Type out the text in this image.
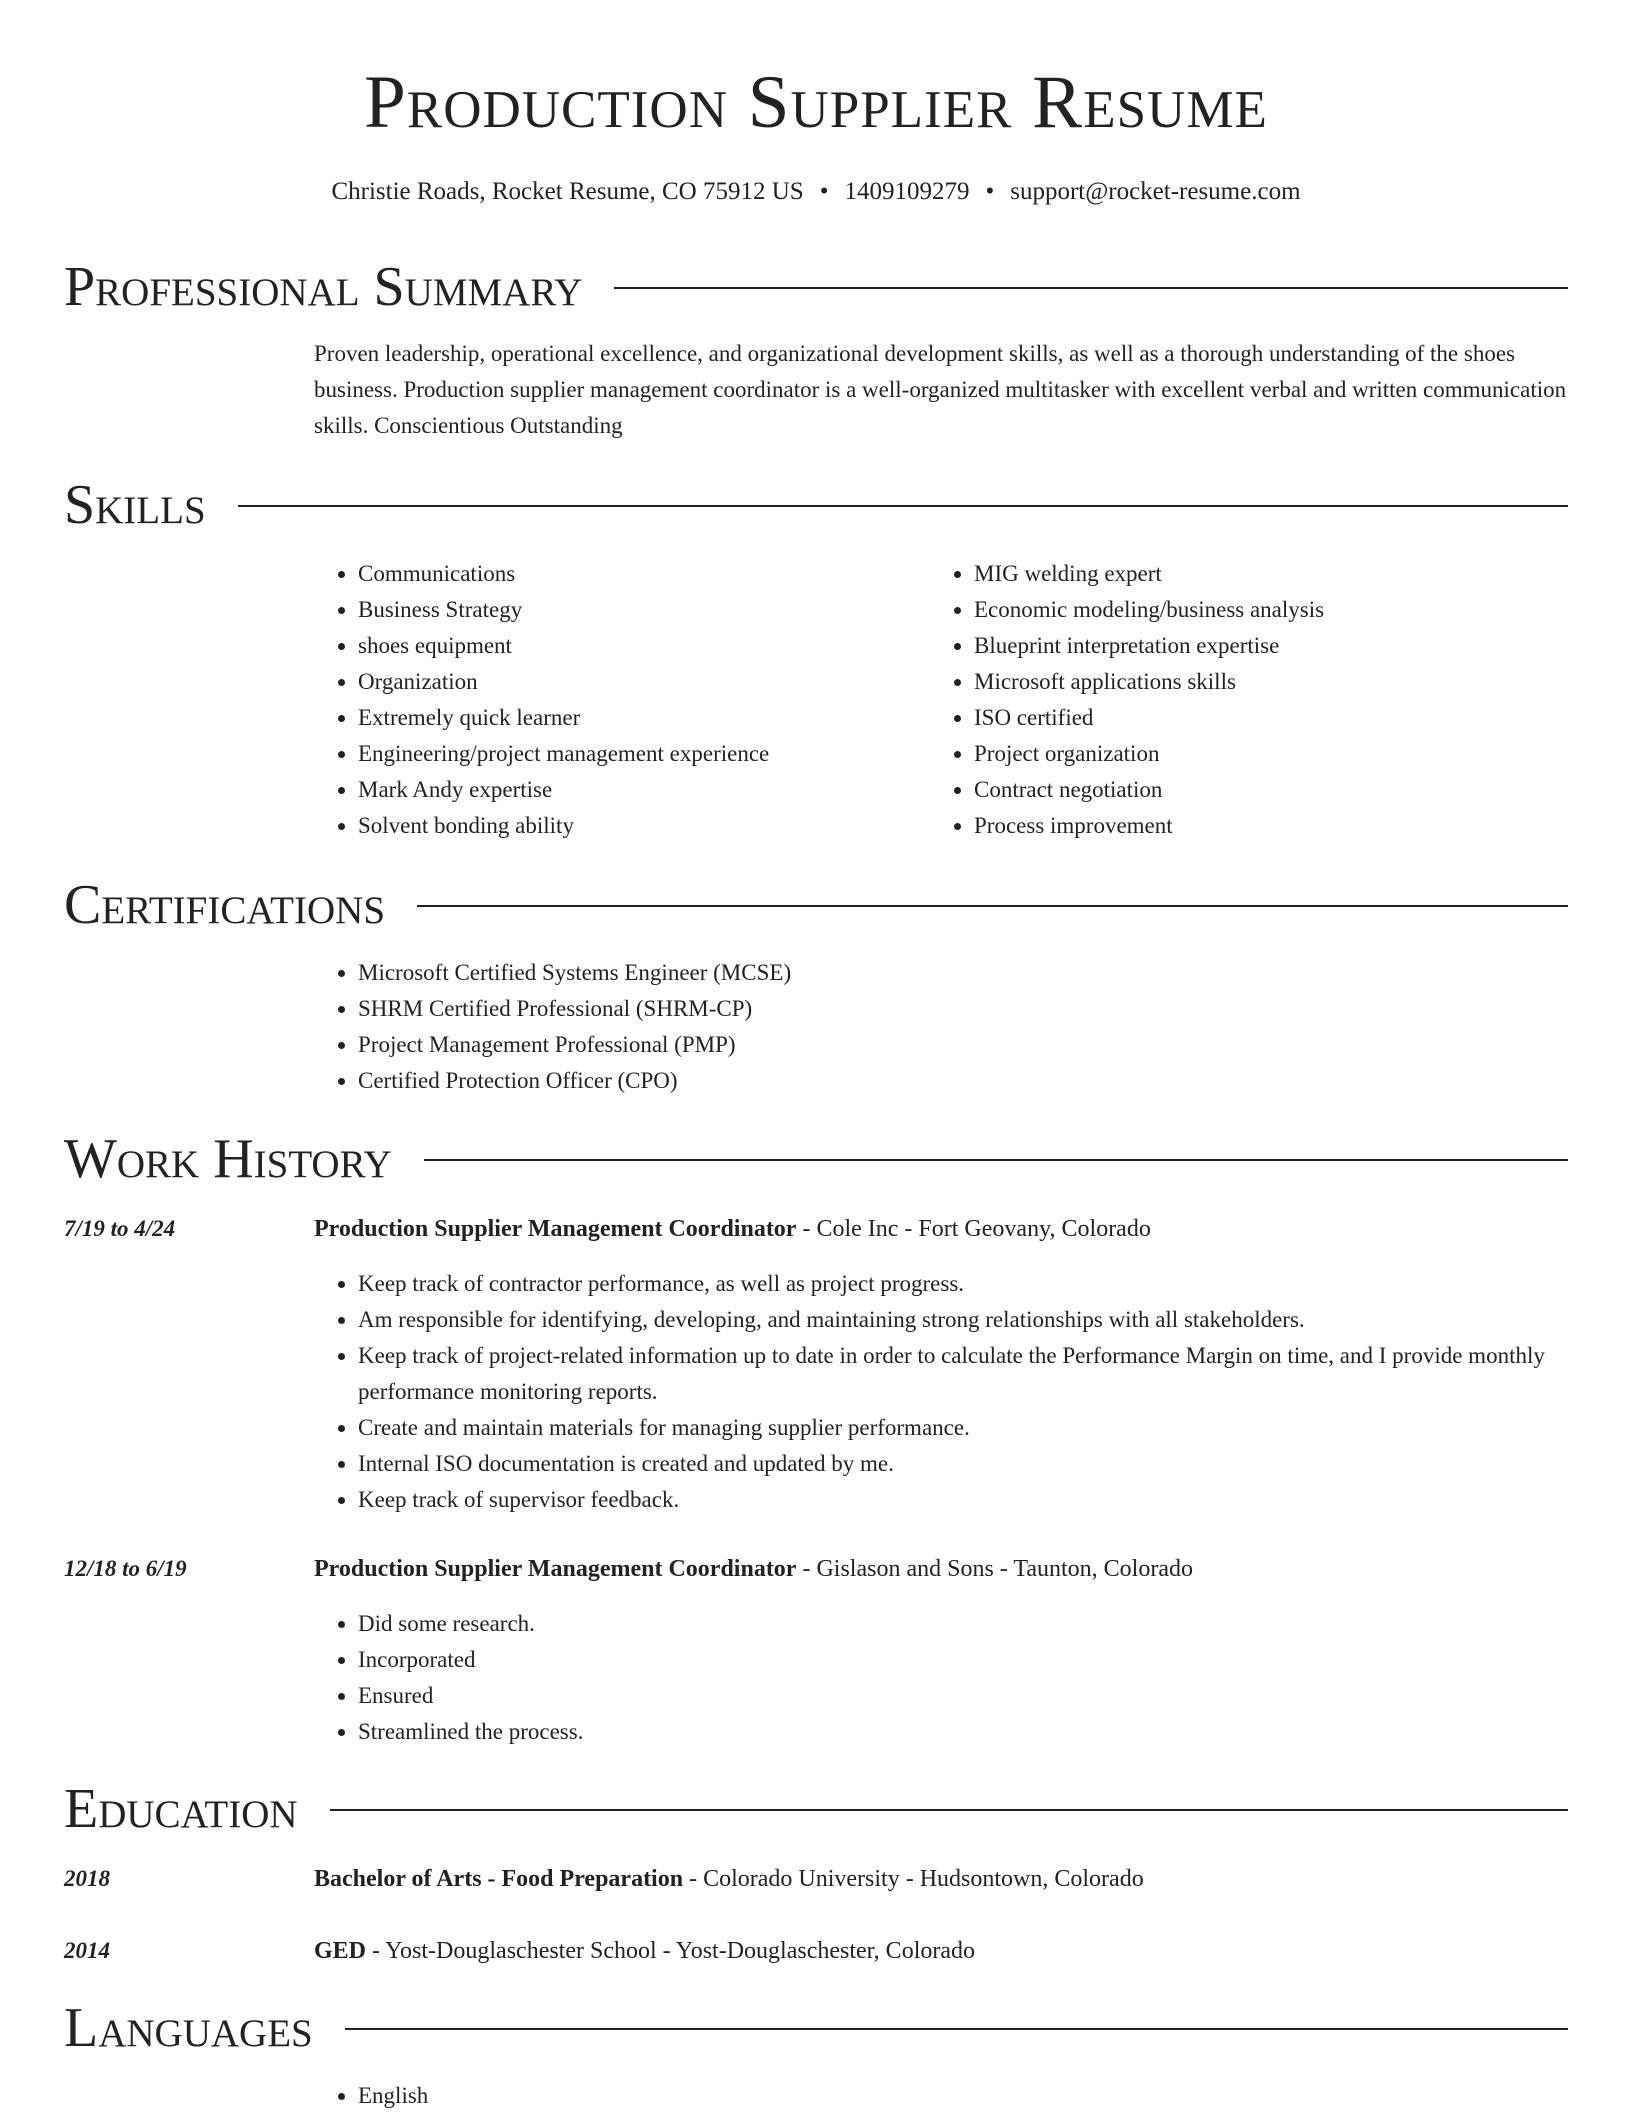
Production Supplier Resume
Christie Roads, Rocket Resume, CO 75912 US • 1409109279 • support@rocket-resume.com
Professional Summary
Proven leadership, operational excellence, and organizational development skills, as well as a thorough understanding of the shoes business. Production supplier management coordinator is a well-organized multitasker with excellent verbal and written communication skills. Conscientious Outstanding
Skills
• Communications
• Business Strategy
• shoes equipment
• Organization
• Extremely quick learner
• Engineering/project management experience
• Mark Andy expertise
• Solvent bonding ability
• MIG welding expert
• Economic modeling/business analysis
• Blueprint interpretation expertise
• Microsoft applications skills
• ISO certified
• Project organization
• Contract negotiation
• Process improvement
Certifications
• Microsoft Certified Systems Engineer (MCSE)
• SHRM Certified Professional (SHRM-CP)
• Project Management Professional (PMP)
• Certified Protection Officer (CPO)
Work History
7/19 to 4/24	Production Supplier Management Coordinator - Cole Inc - Fort Geovany, Colorado
• Keep track of contractor performance, as well as project progress.
• Am responsible for identifying, developing, and maintaining strong relationships with all stakeholders.
• Keep track of project-related information up to date in order to calculate the Performance Margin on time, and I provide monthly performance monitoring reports.
• Create and maintain materials for managing supplier performance.
• Internal ISO documentation is created and updated by me.
• Keep track of supervisor feedback.
12/18 to 6/19	Production Supplier Management Coordinator - Gislason and Sons - Taunton, Colorado
• Did some research.
• Incorporated
• Ensured
• Streamlined the process.
Education
2018	Bachelor of Arts - Food Preparation - Colorado University - Hudsontown, Colorado
2014	GED - Yost-Douglaschester School - Yost-Douglaschester, Colorado
Languages
• English
